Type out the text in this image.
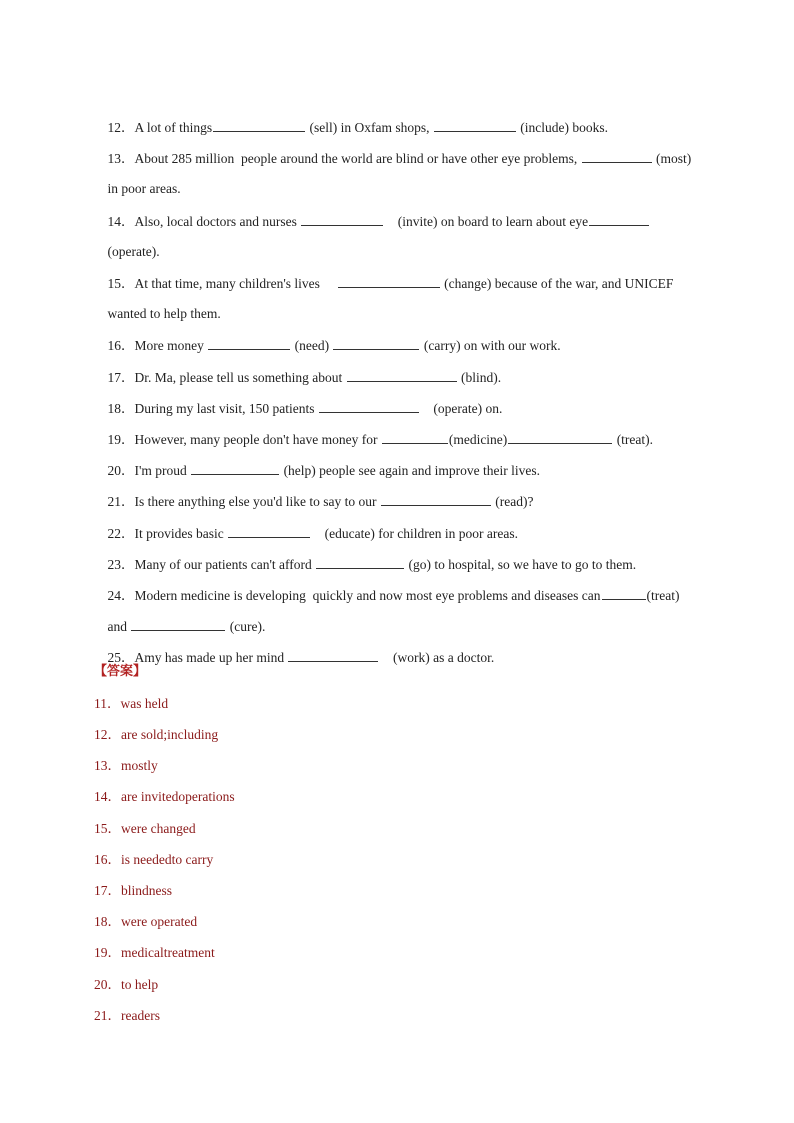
12．A lot of things	(sell) in Oxfam shops,	(include) books.

13．About 285 million  people around the world are blind or have other eye problems,	(most)

in poor areas.

14．Also, local doctors and nurses	(invite) on board to learn about eye

(operate).

15．At that time, many children's lives	(change) because of the war, and UNICEF

wanted to help them.

16．More money	(need)	(carry) on with our work.

17．Dr. Ma, please tell us something about	(blind).

18．During my last visit, 150 patients	(operate) on.

19．However, many people don't have money for	(medicine)	(treat).

20．I'm proud	(help) people see again and improve their lives.

21．Is there anything else you'd like to say to our	(read)?

22．It provides basic	(educate) for children in poor areas.

23．Many of our patients can't afford	(go) to hospital, so we have to go to them.

24．Modern medicine is developing  quickly and now most eye problems and diseases can	(treat)

and	(cure).

25．Amy has made up her mind	(work) as a doctor.

【答案】
11．was held
12．are sold;including
13．mostly
14．are invitedoperations
15．were changed
16．is neededto carry
17．blindness
18．were operated
19．medicaltreatment
20．to help
21．readers
